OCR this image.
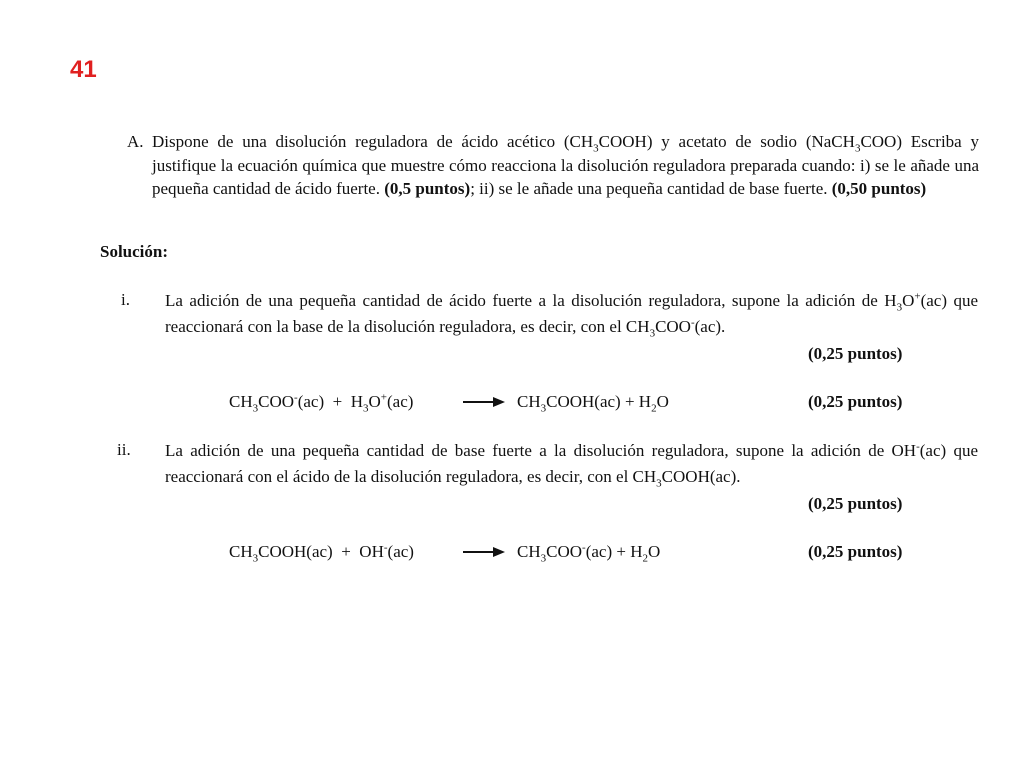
41
A. Dispone de una disolución reguladora de ácido acético $(CH_3COOH)$ y acetato de sodio (NaCH$_3$COO) Escriba y justifique la ecuación química que muestre cómo reacciona la disolución reguladora preparada cuando: i) se le añade una pequeña cantidad de ácido fuerte. (0,5 puntos); ii) se le añade una pequeña cantidad de base fuerte. (0,50 puntos)
Solución:
i. La adición de una pequeña cantidad de ácido fuerte a la disolución reguladora, supone la adición de $H_3O^+(ac)$ que reaccionará con la base de la disolución reguladora, es decir, con el $CH_3COO^-(ac)$.
(0,25 puntos)
$CH_3COO^-(ac) + H_3O^+(ac)$	→ $CH_3COOH(ac) + H_2O$	(0,25 puntos)
ii. La adición de una pequeña cantidad de base fuerte a la disolución reguladora, supone la adición de OH-(ac) que reaccionará con el ácido de la disolución reguladora, es decir, con el $CH_3COOH(ac)$.
(0,25 puntos)
$CH_3COOH(ac) + OH^-(ac)$	→ $CH_3COO^-(ac) + H_2O$	(0,25 puntos)
